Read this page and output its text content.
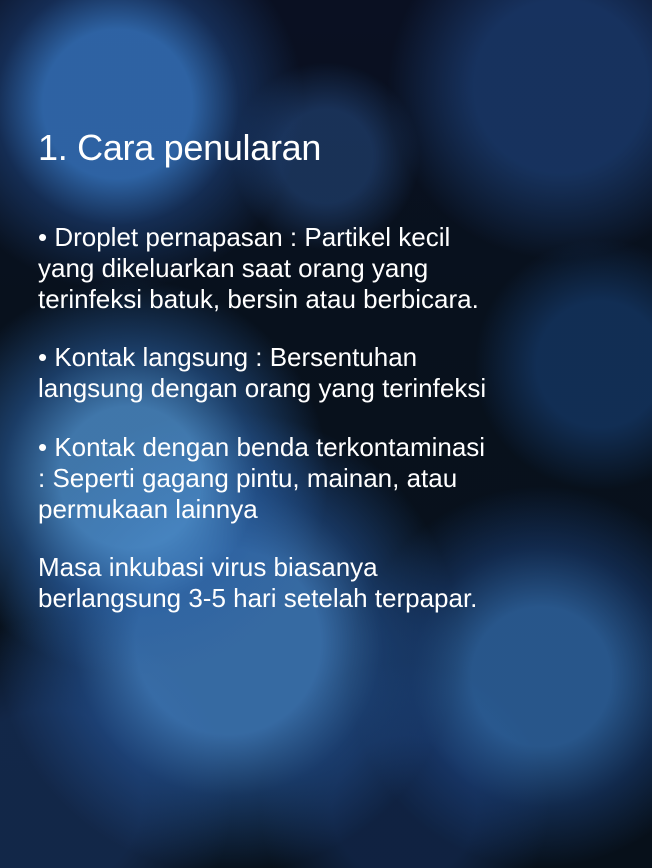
1. Cara penularan
• Droplet pernapasan : Partikel kecil
yang dikeluarkan saat orang yang
terinfeksi batuk, bersin atau berbicara.
• Kontak langsung : Bersentuhan
langsung dengan orang yang terinfeksi
• Kontak dengan benda terkontaminasi
: Seperti gagang pintu, mainan, atau
permukaan lainnya
Masa inkubasi virus biasanya
berlangsung 3-5 hari setelah terpapar.
